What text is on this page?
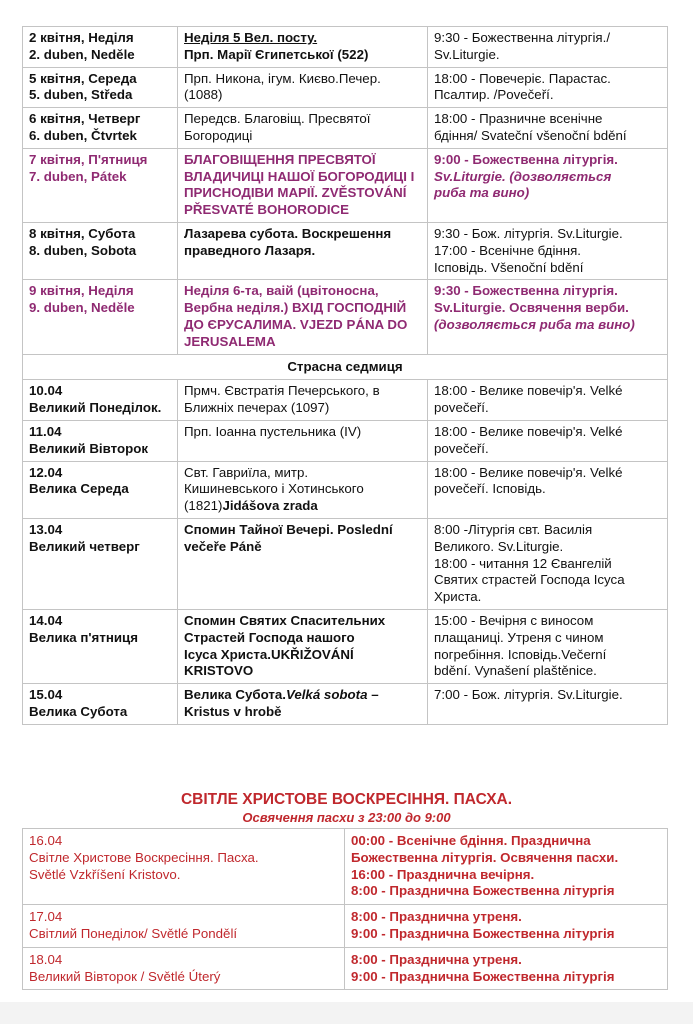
2 квітня, Неділя
2. duben, Neděle	Неділя 5 Вел. посту.
Прп. Марії Єгипетської (522)	9:30 - Божественна літургія./
Sv.Liturgie.

5 квітня, Середа
5. duben, Středa	Прп. Никона, ігум. Києво.Печер.
(1088)	18:00 - Повечеріє. Парастас.
Псалтир. /Povečeří.

6 квітня, Четверг
6. duben, Čtvrtek	Передсв. Благовіщ. Пресвятої
Богородиці	18:00 - Празничне всенічне
бдіння/ Svateční všenoční bdění

7 квітня, П'ятниця
7. duben, Pátek	БЛАГОВІЩЕННЯ ПРЕСВЯТОЇ
ВЛАДИЧИЦІ НАШОЇ БОГОРОДИЦІ І
ПРИСНОДІВИ МАРІЇ. ZVĚSTOVÁNÍ
PŘESVATÉ BOHORODICE	9:00 - Божественна літургія.
Sv.Liturgie. (дозволяється
риба та вино)

8 квітня, Субота
8. duben, Sobota	Лазарева субота. Воскрешення
праведного Лазаря.	9:30 - Бож. літургія. Sv.Liturgie.
17:00 - Всенічне бдіння.
Ісповідь. Všenoční bdění

9 квітня, Неділя
9. duben, Neděle	Неділя 6-та, ваій (цвітоносна,
Вербна неділя.) ВХІД ГОСПОДНІЙ
ДО ЄРУСАЛИМА. VJEZD PÁNA DO
JERUSALEMA	9:30 - Божественна літургія.
Sv.Liturgie. Освячення верби.
(дозволяється риба та вино)

Страсна седмиця		

10.04
Великий Понеділок.	Прмч. Євстратія Печерського, в
Ближніх печерах (1097)	18:00 - Велике повечір'я. Velké
povečeří.

11.04
Великий Вівторок	Прп. Іоанна пустельника (IV)	18:00 - Велике повечір'я. Velké
povečeří.

12.04
Велика Середа	Свт. Гавриїла, митр.
Кишиневського і Хотинського
(1821)Jidášova zrada	18:00 - Велике повечір'я. Velké
povečeří. Ісповідь.

13.04
Великий четверг	Спомин Тайної Вечері. Poslední
večeře Páně	8:00 -Літургія свт. Василія
Великого. Sv.Liturgie.
18:00 - читання 12 Євангелій
Святих страстей Господа Ісуса
Христа.

14.04
Велика п'ятниця	Спомин Святих Спасительних
Страстей Господа нашого
Ісуса Христа.UKŘIŽOVÁNÍ
KRISTOVO	15:00 - Вечірня с виносом
плащаниці. Утреня с чином
погребіння. Ісповідь.Večerní
bdění. Vynašení plaštěnice.

15.04
Велика Субота	Велика Субота.Velká sobota –
Kristus v hrobě	7:00 - Бож. літургія. Sv.Liturgie.
СВІТЛЕ ХРИСТОВЕ ВОСКРЕСІННЯ. ПАСХА.
Освячення пасхи з 23:00 до 9:00
16.04
Світле Христове Воскресіння. Пасха.
Světlé Vzkříšení Kristovo.	00:00 - Всенічне бдіння. Празднична
Божественна літургія. Освячення пасхи.
16:00 - Празднична вечірня.
8:00 - Празднична Божественна літургія

17.04
Світлий Понеділок/ Světlé Pondělí	8:00 - Празднична утреня.
9:00 - Празднична Божественна літургія

18.04
Великий Вівторок / Světlé Úterý	8:00 - Празднична утреня.
9:00 - Празднична Божественна літургія
